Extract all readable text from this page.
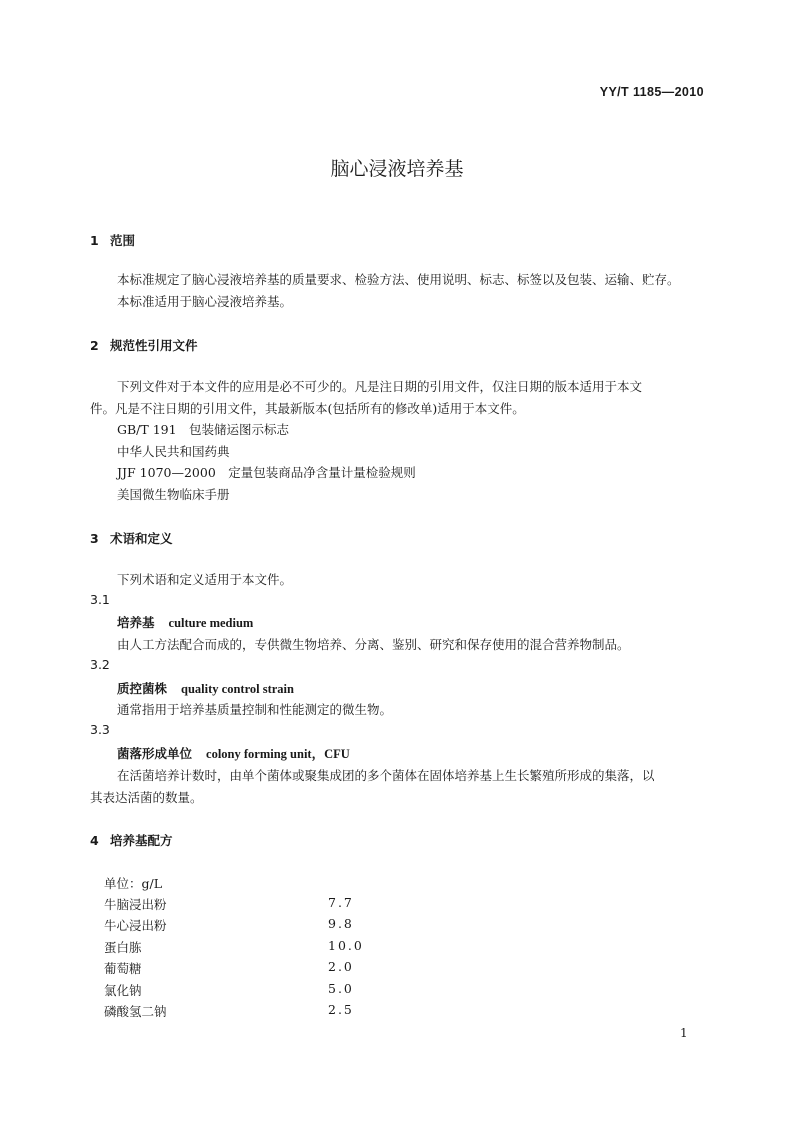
YY/T 1185—2010
脑心浸液培养基
1 范围
本标准规定了脑心浸液培养基的质量要求、检验方法、使用说明、标志、标签以及包装、运输、贮存。
本标准适用于脑心浸液培养基。
2 规范性引用文件
下列文件对于本文件的应用是必不可少的。凡是注日期的引用文件，仅注日期的版本适用于本文
件。凡是不注日期的引用文件，其最新版本(包括所有的修改单)适用于本文件。
GB/T 191　包装储运图示标志
中华人民共和国药典
JJF 1070—2000　定量包装商品净含量计量检验规则
美国微生物临床手册
3 术语和定义
下列术语和定义适用于本文件。
3.1
培养基 culture medium
由人工方法配合而成的，专供微生物培养、分离、鉴别、研究和保存使用的混合营养物制品。
3.2
质控菌株 quality control strain
通常指用于培养基质量控制和性能测定的微生物。
3.3
菌落形成单位 colony forming unit，CFU
在活菌培养计数时，由单个菌体或聚集成团的多个菌体在固体培养基上生长繁殖所形成的集落，以
其表达活菌的数量。
4 培养基配方
单位：g/L
牛脑浸出粉	7.7
牛心浸出粉	9.8
蛋白胨	10.0
葡萄糖	2.0
氯化钠	5.0
磷酸氢二钠	2.5
1
